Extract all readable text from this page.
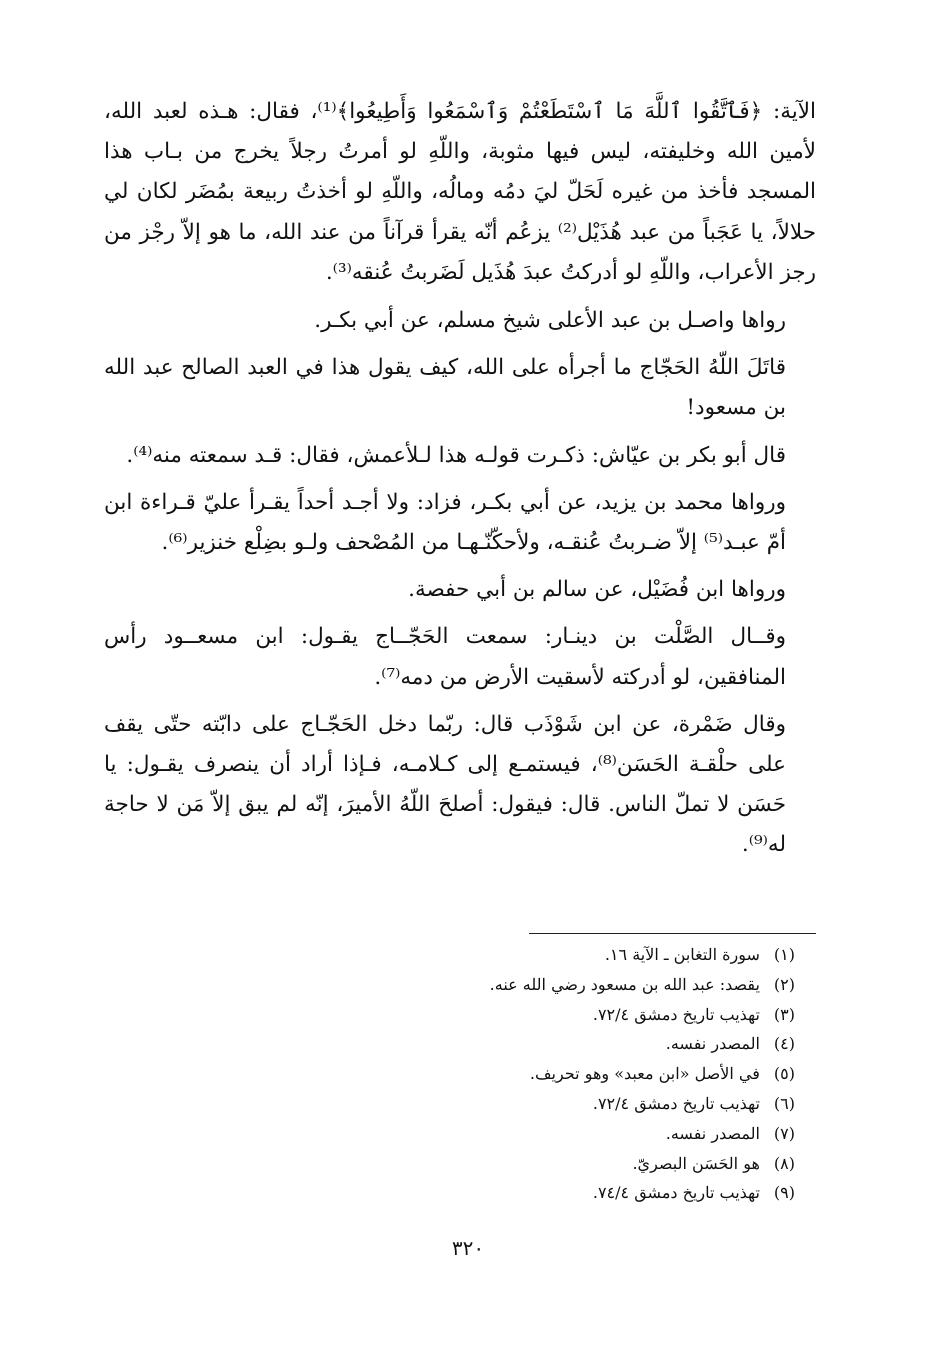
الآية: ﴿فَٱتَّقُوا ٱللَّهَ مَا ٱسْتَطَعْتُمْ وَٱسْمَعُوا وَأَطِيعُوا﴾⁽¹⁾، فقال: هـذه لعبد الله، لأمين الله وخليفته، ليس فيها مثوبة، واللّهِ لو أمرتُ رجلاً يخرج من بـاب هذا المسجد فأخذ من غيره لَحَلّ ليَ دمُه ومالُه، واللّهِ لو أخذتُ ربيعة بمُضَر لكان لي حلالاً، يا عَجَباً من عبد هُذَيْل⁽²⁾ يزعُم أنّه يقرأ قرآناً من عند الله، ما هو إلاّ رجْز من رجز الأعراب، واللّهِ لو أدركتُ عبدَ هُذَيل لَضَربتُ عُنقه⁽³⁾.

رواها واصـل بن عبد الأعلى شيخ مسلم، عن أبي بكـر.

قاتَلَ اللّهُ الحَجّاج ما أجرأه على الله، كيف يقول هذا في العبد الصالح عبد الله بن مسعود!

قال أبو بكر بن عيّاش: ذكـرت قولـه هذا لـلأعمش، فقال: قـد سمعته منه⁽⁴⁾.

ورواها محمد بن يزيد، عن أبي بكـر، فزاد: ولا أجـد أحداً يقـرأ عليّ قـراءة ابن أمّ عبـد⁽⁵⁾ إلاّ ضـربتُ عُنقـه، ولأحكّنّـهـا من المُصْحف ولـو بضِلْع خنزير⁽⁶⁾.

ورواها ابن فُضَيْل، عن سالم بن أبي حفصة.

وقــال الصَّلْت بن دينـار: سمعت الحَجّــاج يقـول: ابن مسعــود رأس المنافقين، لو أدركته لأسقيت الأرض من دمه⁽⁷⁾.

وقال ضَمْرة، عن ابن شَوْذَب قال: ربّما دخل الحَجّـاج على دابّته حتّى يقف على حلْقـة الحَسَن⁽⁸⁾، فيستمـع إلى كـلامـه، فـإذا أراد أن ينصرف يقـول: يا حَسَن لا تملّ الناس. قال: فيقول: أصلحَ اللّهُ الأميرَ، إنّه لم يبق إلاّ مَن لا حاجة له⁽⁹⁾.

(١) سورة التغابن ـ الآية ١٦.
(٢) يقصد: عبد الله بن مسعود رضي الله عنه.
(٣) تهذيب تاريخ دمشق ٧٢/٤.
(٤) المصدر نفسه.
(٥) في الأصل «ابن معبد» وهو تحريف.
(٦) تهذيب تاريخ دمشق ٧٢/٤.
(٧) المصدر نفسه.
(٨) هو الحَسَن البصريّ.
(٩) تهذيب تاريخ دمشق ٧٤/٤.
٣٢٠
